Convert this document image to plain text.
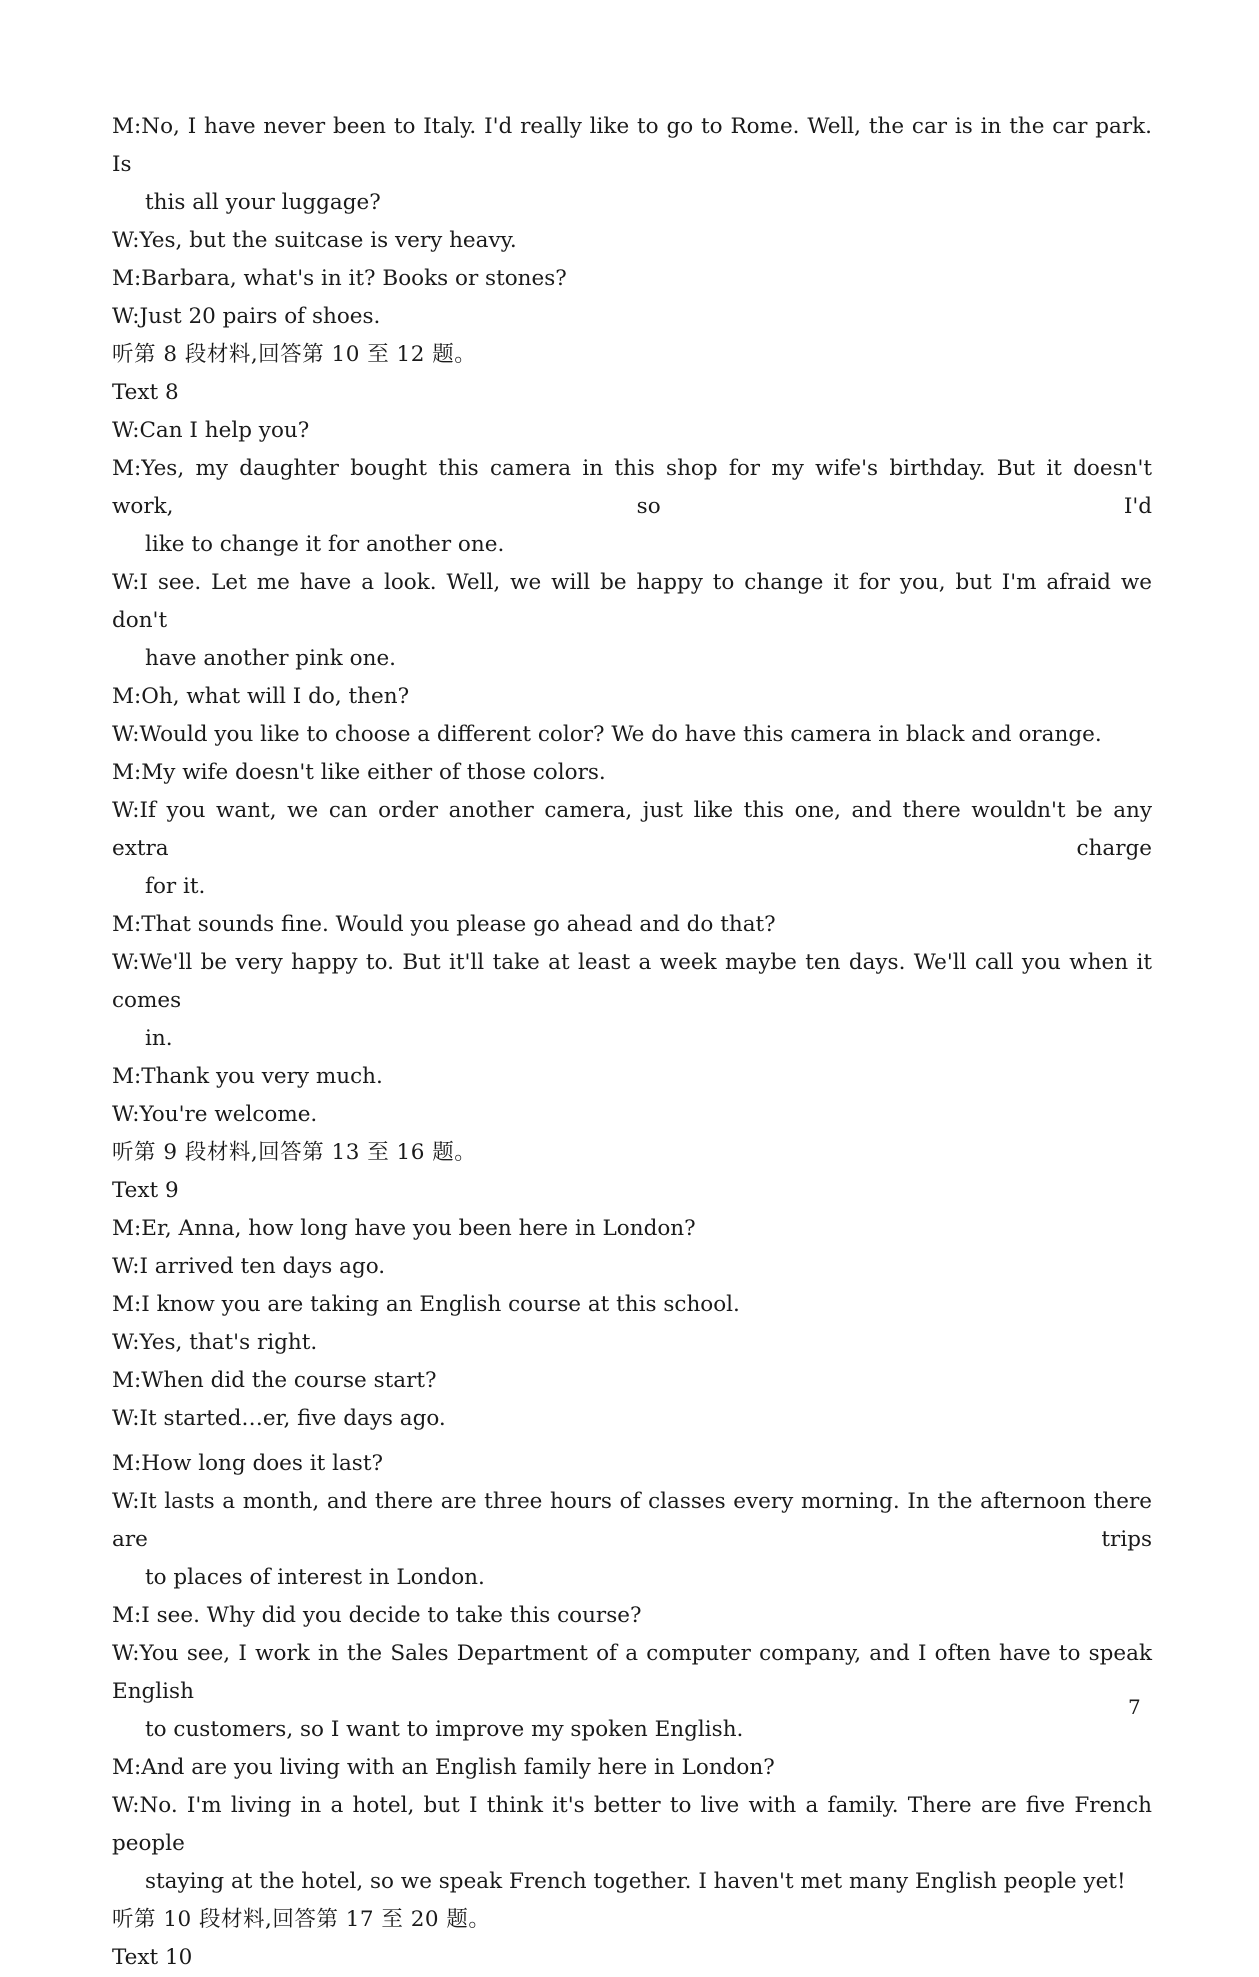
M:No, I have never been to Italy. I'd really like to go to Rome. Well, the car is in the car park. Is
this all your luggage?
W:Yes, but the suitcase is very heavy.
M:Barbara, what's in it? Books or stones?
W:Just 20 pairs of shoes.
听第 8 段材料,回答第 10 至 12 题。
Text 8
W:Can I help you?
M:Yes, my daughter bought this camera in this shop for my wife's birthday. But it doesn't work, so I'd
like to change it for another one.
W:I see. Let me have a look. Well, we will be happy to change it for you, but I'm afraid we don't
have another pink one.
M:Oh, what will I do, then?
W:Would you like to choose a different color? We do have this camera in black and orange.
M:My wife doesn't like either of those colors.
W:If you want, we can order another camera, just like this one, and there wouldn't be any extra charge
for it.
M:That sounds fine. Would you please go ahead and do that?
W:We'll be very happy to. But it'll take at least a week maybe ten days. We'll call you when it comes
in.
M:Thank you very much.
W:You're welcome.
听第 9 段材料,回答第 13 至 16 题。
Text 9
M:Er, Anna, how long have you been here in London?
W:I arrived ten days ago.
M:I know you are taking an English course at this school.
W:Yes, that's right.
M:When did the course start?
W:It started…er, five days ago.
M:How long does it last?
W:It lasts a month, and there are three hours of classes every morning. In the afternoon there are trips
to places of interest in London.
M:I see. Why did you decide to take this course?
W:You see, I work in the Sales Department of a computer company, and I often have to speak English
to customers, so I want to improve my spoken English.
M:And are you living with an English family here in London?
W:No. I'm living in a hotel, but I think it's better to live with a family. There are five French people
staying at the hotel, so we speak French together. I haven't met many English people yet!
听第 10 段材料,回答第 17 至 20 题。
Text 10
7
